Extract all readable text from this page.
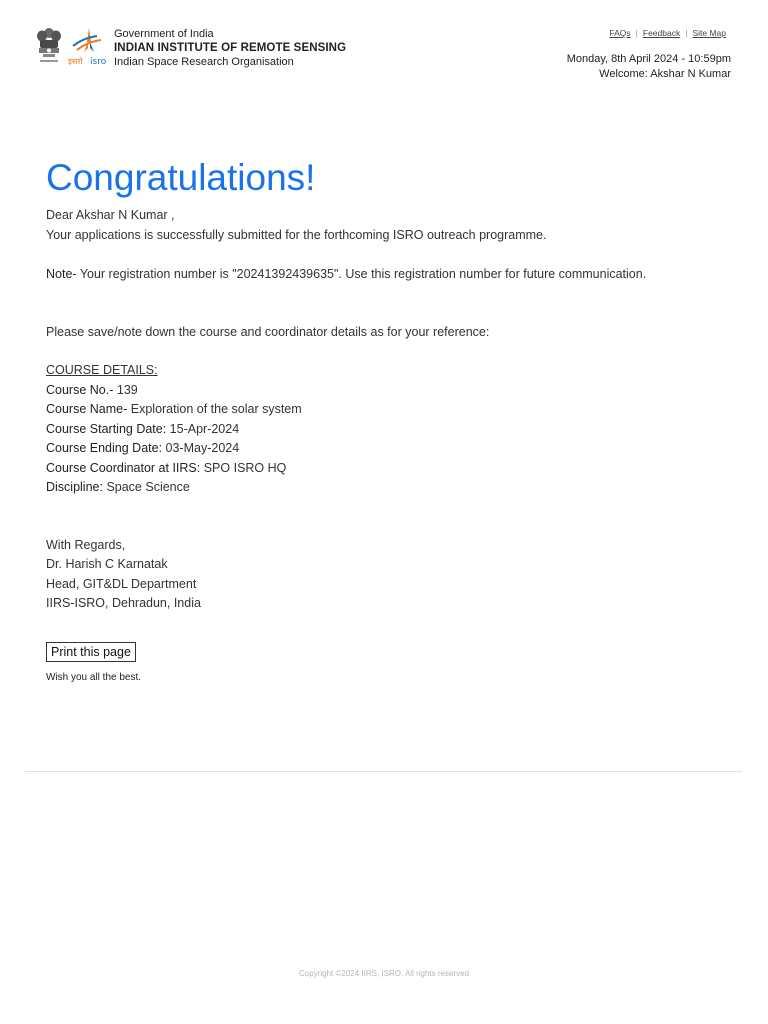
इसरो isro
Government of India
INDIAN INSTITUTE OF REMOTE SENSING
Indian Space Research Organisation
FAQs | Feedback | Site Map
Monday, 8th April 2024 - 10:59pm
Welcome: Akshar N Kumar
Congratulations!

Dear Akshar N Kumar ,

Your applications is successfully submitted for the forthcoming ISRO outreach programme.

Note- Your registration number is "20241392439635". Use this registration number for future communication.

Please save/note down the course and coordinator details as for your reference:

COURSE DETAILS:

Course No.- 139

Course Name- Exploration of the solar system

Course Starting Date: 15-Apr-2024

Course Ending Date: 03-May-2024

Course Coordinator at IIRS: SPO ISRO HQ

Discipline: Space Science

With Regards,

Dr. Harish C Karnatak

Head, GIT&DL Department

IIRS-ISRO, Dehradun, India

Print this page
Wish you all the best.
Copyright ©2024 IIRS, ISRO. All rights reserved
